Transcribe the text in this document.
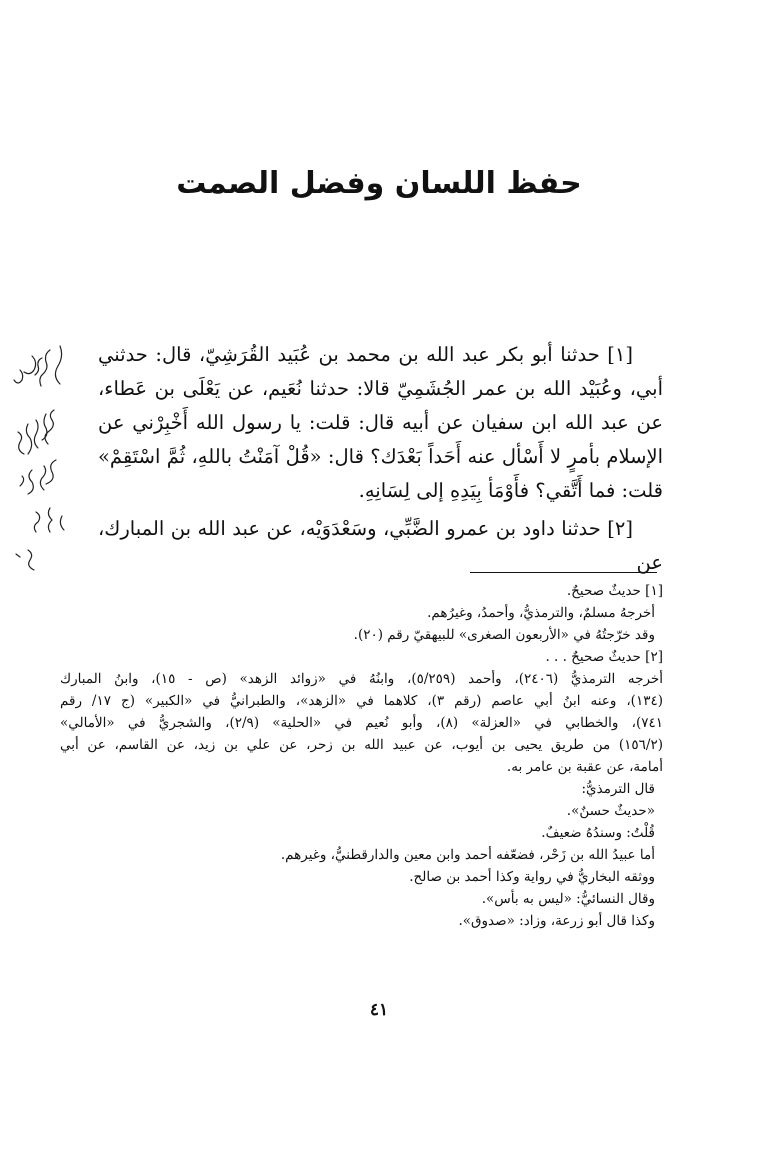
حفظ اللسان وفضل الصمت

[١] حدثنا أبو بكر عبد الله بن محمد بن عُبَيد القُرَشِيّ، قال: حدثني أبي، وعُبَيْد الله بن عمر الجُشَمِيّ قالا: حدثنا نُعَيم، عن يَعْلَى بن عَطاء، عن عبد الله ابن سفيان عن أبيه قال: قلت: يا رسول الله أَخْبِرْني عن الإسلام بأمرٍ لا أَسْأل عنه أَحَداً بَعْدَك؟ قال: «قُلْ آمَنْتُ باللهِ، ثُمَّ اسْتَقِمْ» قلت: فما أَتَّقي؟ فأَوْمَأ بِيَدِهِ إلى لِسَانِهِ.

[٢] حدثنا داود بن عمرو الضَّبِّي، وسَعْدَوَيْه، عن عبد الله بن المبارك، عن

[١] حديثٌ صحيحٌ.
أخرجهُ مسلمٌ، والترمذيُّ، وأحمدُ، وغيرُهم.
وقد خرّجتُهُ في «الأربعون الصغرى» للبيهقيّ رقم (٢٠).
[٢] حديثٌ صحيحٌ . . .
أخرجه الترمذيُّ (٢٤٠٦)، وأحمد (٥/٢٥٩)، وابنُهُ في «زوائد الزهد» (ص - ١٥)، وابنُ المبارك
(١٣٤)، وعنه ابنُ أبي عاصم (رقم ٣)، كلاهما في «الزهد»، والطبرانيُّ في «الكبير» (ج ١٧/ رقم
٧٤١)، والخطابي في «العزلة» (٨)، وأبو نُعيم في «الحلية» (٢/٩)، والشجريُّ في «الأمالي»
(١٥٦/٢) من طريق يحيى بن أيوب، عن عبيد الله بن زحر، عن علي بن زيد، عن القاسم، عن أبي
أمامة، عن عقبة بن عامر به.
قال الترمذيُّ:
«حديثٌ حسنٌ».
قُلْتُ: وسندُهُ ضعيفٌ.
أما عبيدُ الله بن زَحْر، فضعّفه أحمد وابن معين والدارقطنيُّ، وغيرهم.
ووثقه البخاريُّ في رواية وكذا أحمد بن صالح.
وقال النسائيُّ: «ليس به بأس».
وكذا قال أبو زرعة، وزاد: «صدوق».
٤١
